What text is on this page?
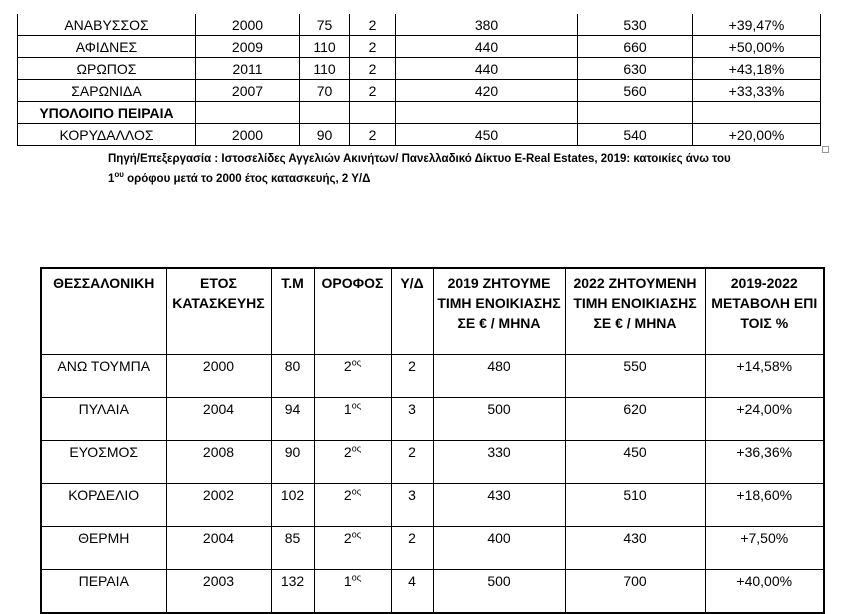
ΑΝΑΒΥΣΣΟΣ	2000	75	2	380	530	+39,47%
ΑΦΙΔΝΕΣ	2009	110	2	440	660	+50,00%
ΩΡΩΠΟΣ	2011	110	2	440	630	+43,18%
ΣΑΡΩΝΙΔΑ	2007	70	2	420	560	+33,33%
ΥΠΟΛΟΙΠΟ ΠΕΙΡΑΙΑ						
ΚΟΡΥΔΑΛΛΟΣ	2000	90	2	450	540	+20,00%
Πηγή/Επεξεργασία : Ιστοσελίδες Αγγελιών Ακινήτων/ Πανελλαδικό Δίκτυο E-Real Estates, 2019: κατοικίες άνω του
$1^{o\upsilon}$ ορόφου μετά το 2000 έτος κατασκευής, 2 Υ/Δ
ΘΕΣΣΑΛΟΝΙΚΗ	ΕΤΟΣ ΚΑΤΑΣΚΕΥΗΣ	Τ.Μ	ΟΡΟΦΟΣ	Υ/Δ	2019 ΖΗΤΟΥΜΕ ΤΙΜΗ ΕΝΟΙΚΙΑΣΗΣ ΣΕ € / ΜΗΝΑ	2022 ΖΗΤΟΥΜΕΝΗ ΤΙΜΗ ΕΝΟΙΚΙΑΣΗΣ ΣΕ € / ΜΗΝΑ	2019-2022 ΜΕΤΑΒΟΛΗ ΕΠΙ ΤΟΙΣ %
ΑΝΩ ΤΟΥΜΠΑ	2000	80	$2^{o\varsigma}$	2	480	550	+14,58%
ΠΥΛΑΙΑ	2004	94	$1^{o\varsigma}$	3	500	620	+24,00%
ΕΥΟΣΜΟΣ	2008	90	$2^{o\varsigma}$	2	330	450	+36,36%
ΚΟΡΔΕΛΙΟ	2002	102	$2^{o\varsigma}$	3	430	510	+18,60%
ΘΕΡΜΗ	2004	85	$2^{o\varsigma}$	2	400	430	+7,50%
ΠΕΡΑΙΑ	2003	132	$1^{o\varsigma}$	4	500	700	+40,00%
